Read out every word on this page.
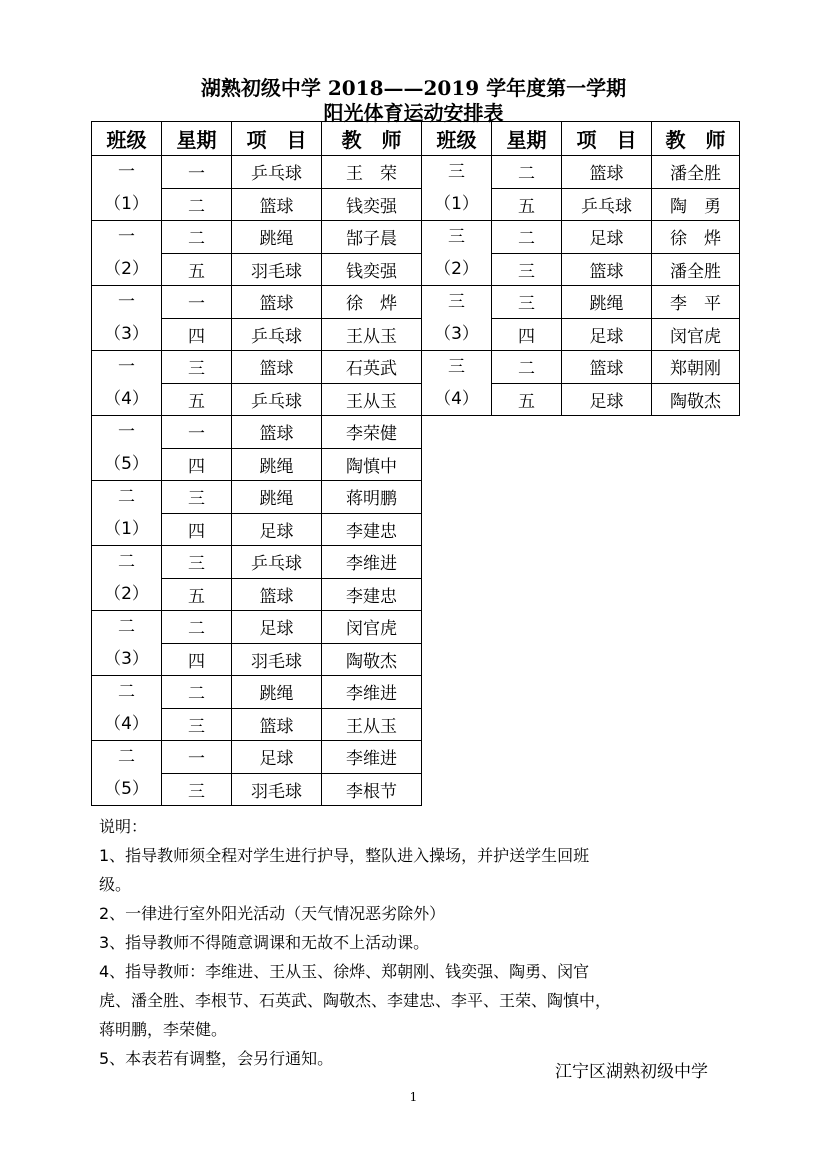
湖熟初级中学 2018——2019 学年度第一学期
阳光体育运动安排表
班级	星期	项　目	教　师

一
（1）	一	乒乓球	王　荣
	二	篮球	钱奕强

一
（2）	二	跳绳	郜子晨
	五	羽毛球	钱奕强

一
（3）	一	篮球	徐　烨
	四	乒乓球	王从玉

一
（4）	三	篮球	石英武
	五	乒乓球	王从玉

一
（5）	一	篮球	李荣健
	四	跳绳	陶慎中

二
（1）	三	跳绳	蒋明鹏
	四	足球	李建忠

二
（2）	三	乒乓球	李维进
	五	篮球	李建忠

二
（3）	二	足球	闵官虎
	四	羽毛球	陶敬杰

二
（4）	二	跳绳	李维进
	三	篮球	王从玉

二
（5）	一	足球	李维进
	三	羽毛球	李根节
班级	星期	项　目	教　师

三
（1）	二	篮球	潘全胜
	五	乒乓球	陶　勇

三
（2）	二	足球	徐　烨
	三	篮球	潘全胜

三
（3）	三	跳绳	李　平
	四	足球	闵官虎

三
（4）	二	篮球	郑朝刚
	五	足球	陶敬杰

说明：

1、指导教师须全程对学生进行护导，整队进入操场，并护送学生回班

级。

2、一律进行室外阳光活动（天气情况恶劣除外）

3、指导教师不得随意调课和无故不上活动课。

4、指导教师：李维进、王从玉、徐烨、郑朝刚、钱奕强、陶勇、闵官

虎、潘全胜、李根节、石英武、陶敬杰、李建忠、李平、王荣、陶慎中，

蒋明鹏，李荣健。

5、本表若有调整，会另行通知。

江宁区湖熟初级中学
1
